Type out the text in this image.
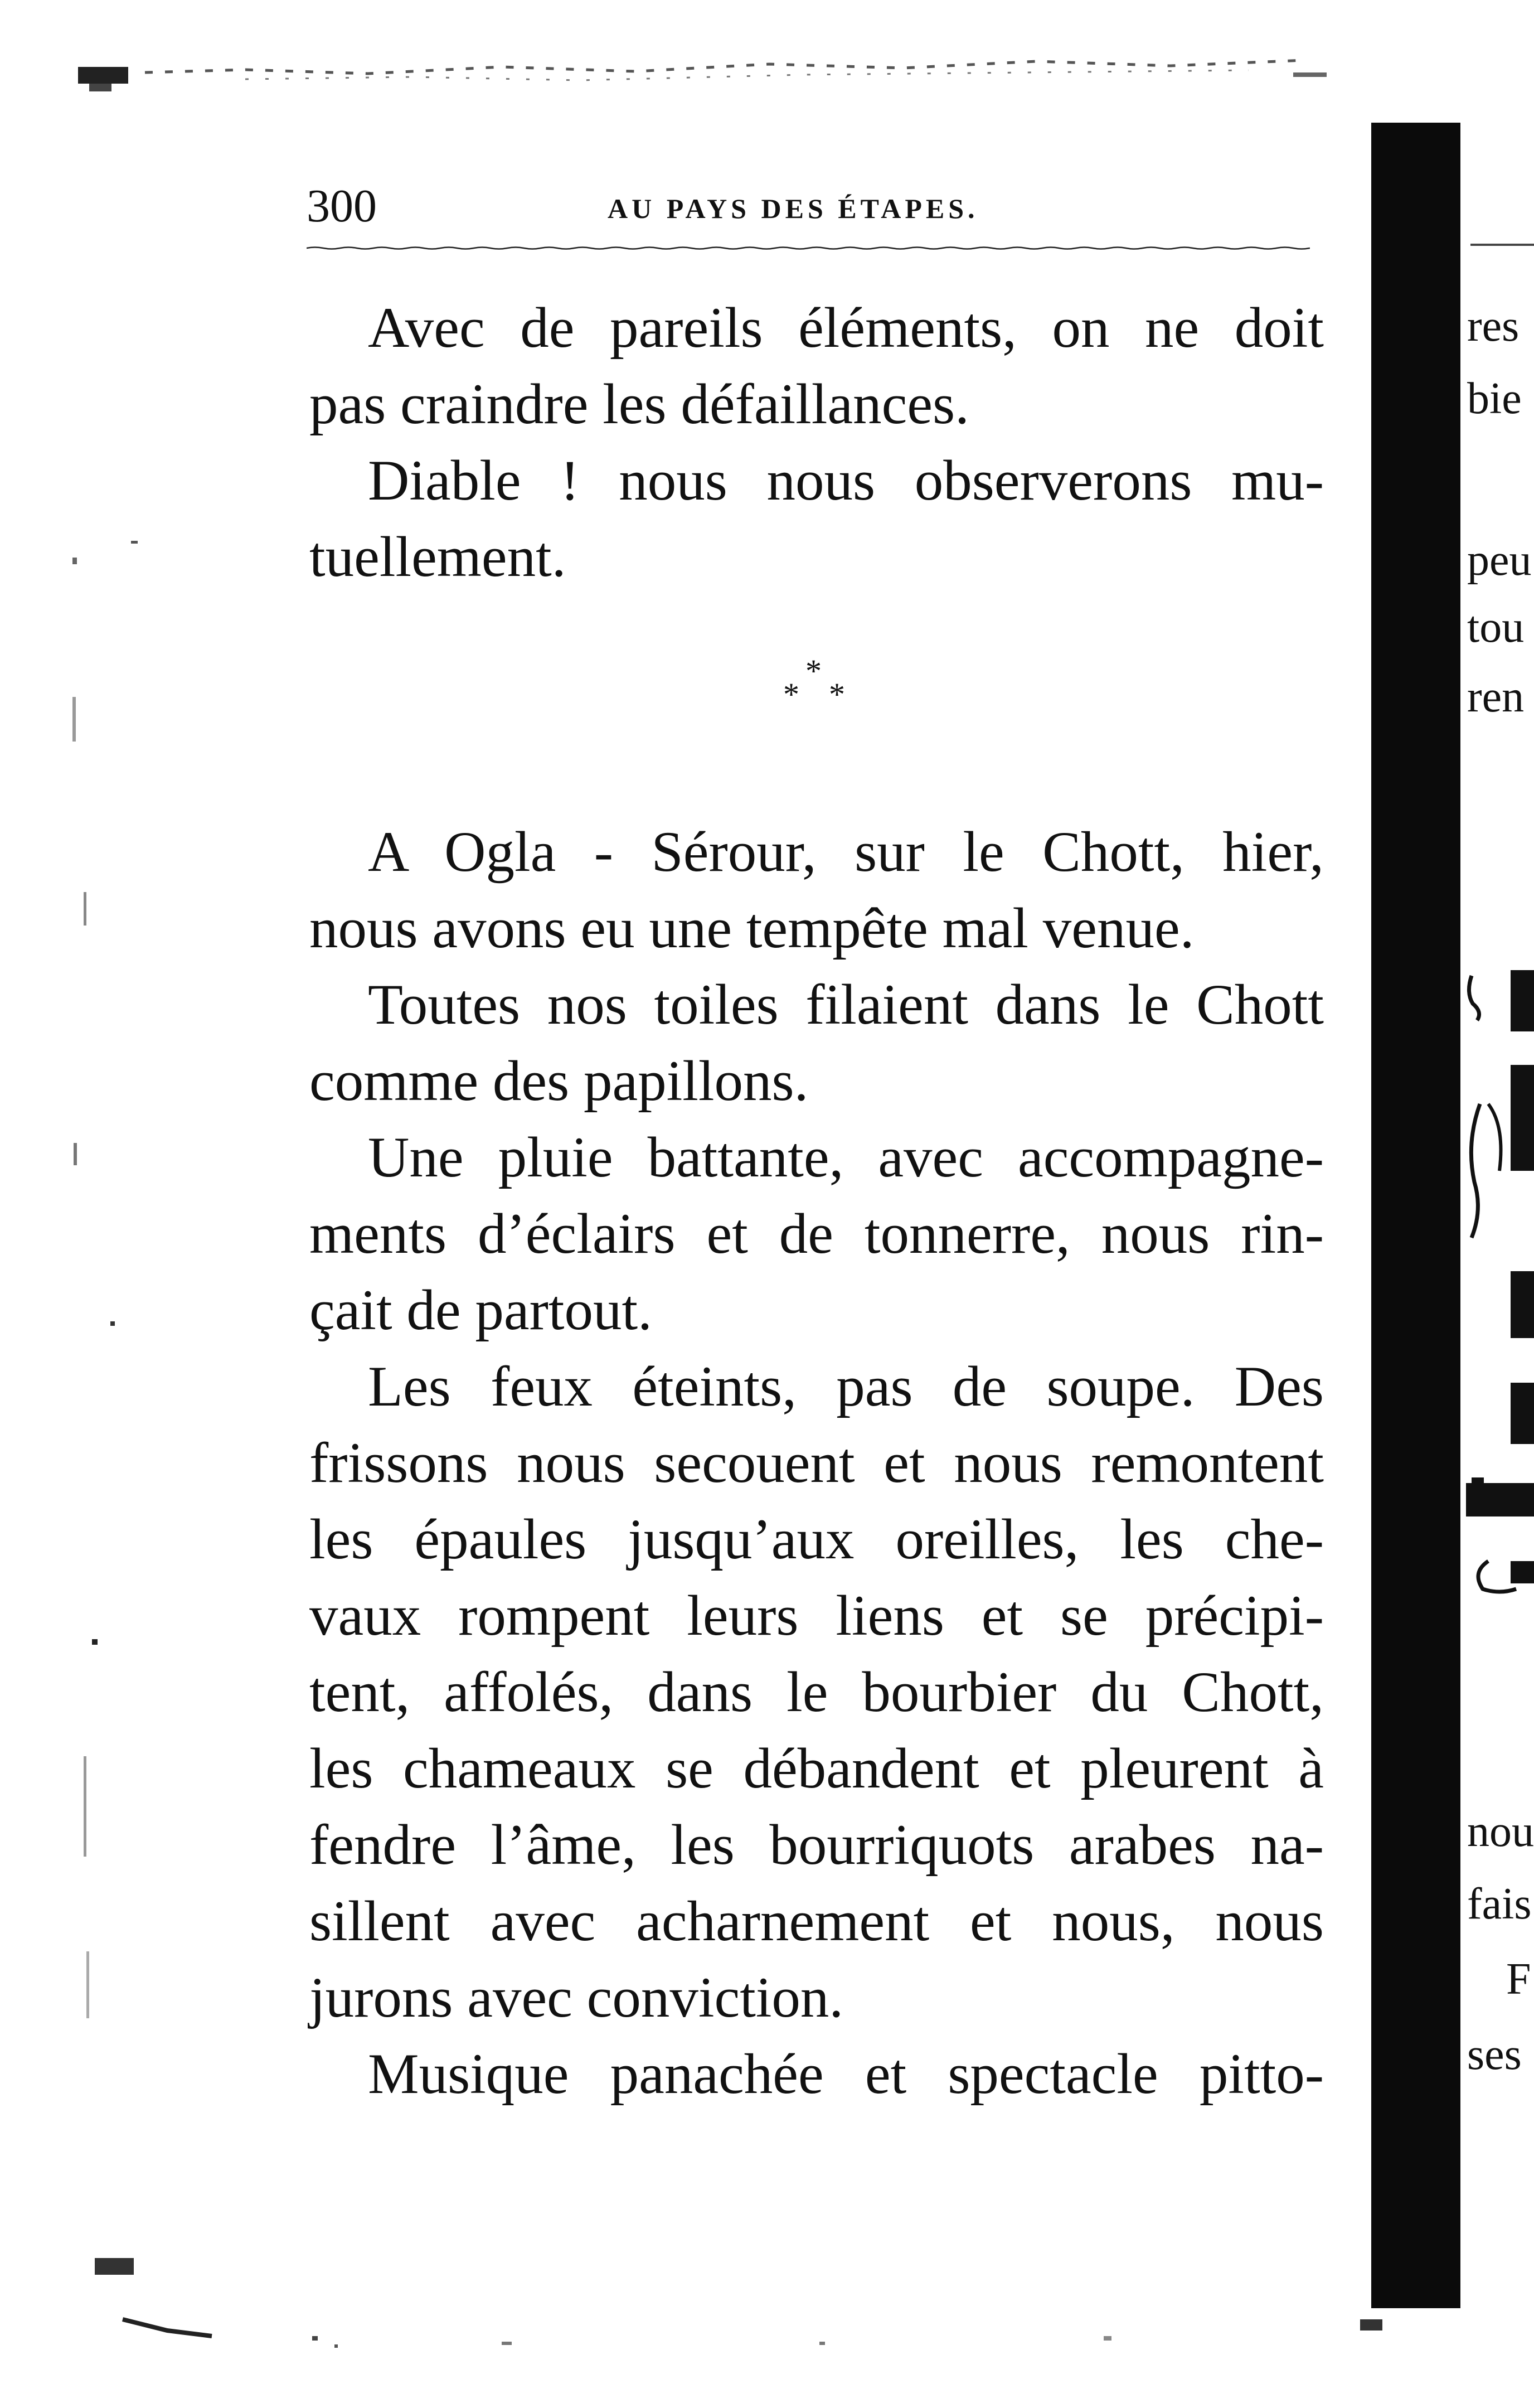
300	AU PAYS DES ÉTAPES.

Avec de pareils éléments, on ne doit

pas craindre les défaillances.

Diable ! nous nous observerons mu-

tuellement.

*
* *

A Ogla - Sérour, sur le Chott, hier,

nous avons eu une tempête mal venue.

Toutes nos toiles filaient dans le Chott

comme des papillons.

Une pluie battante, avec accompagne-

ments d’éclairs et de tonnerre, nous rin-

çait de partout.

Les feux éteints, pas de soupe. Des

frissons nous secouent et nous remontent

les épaules jusqu’aux oreilles, les che-

vaux rompent leurs liens et se précipi-

tent, affolés, dans le bourbier du Chott,

les chameaux se débandent et pleurent à

fendre l’âme, les bourriquots arabes na-

sillent avec acharnement et nous, nous

jurons avec conviction.

Musique panachée et spectacle pitto-

res
bie
peu
tou
ren
nou
fais
F
ses
